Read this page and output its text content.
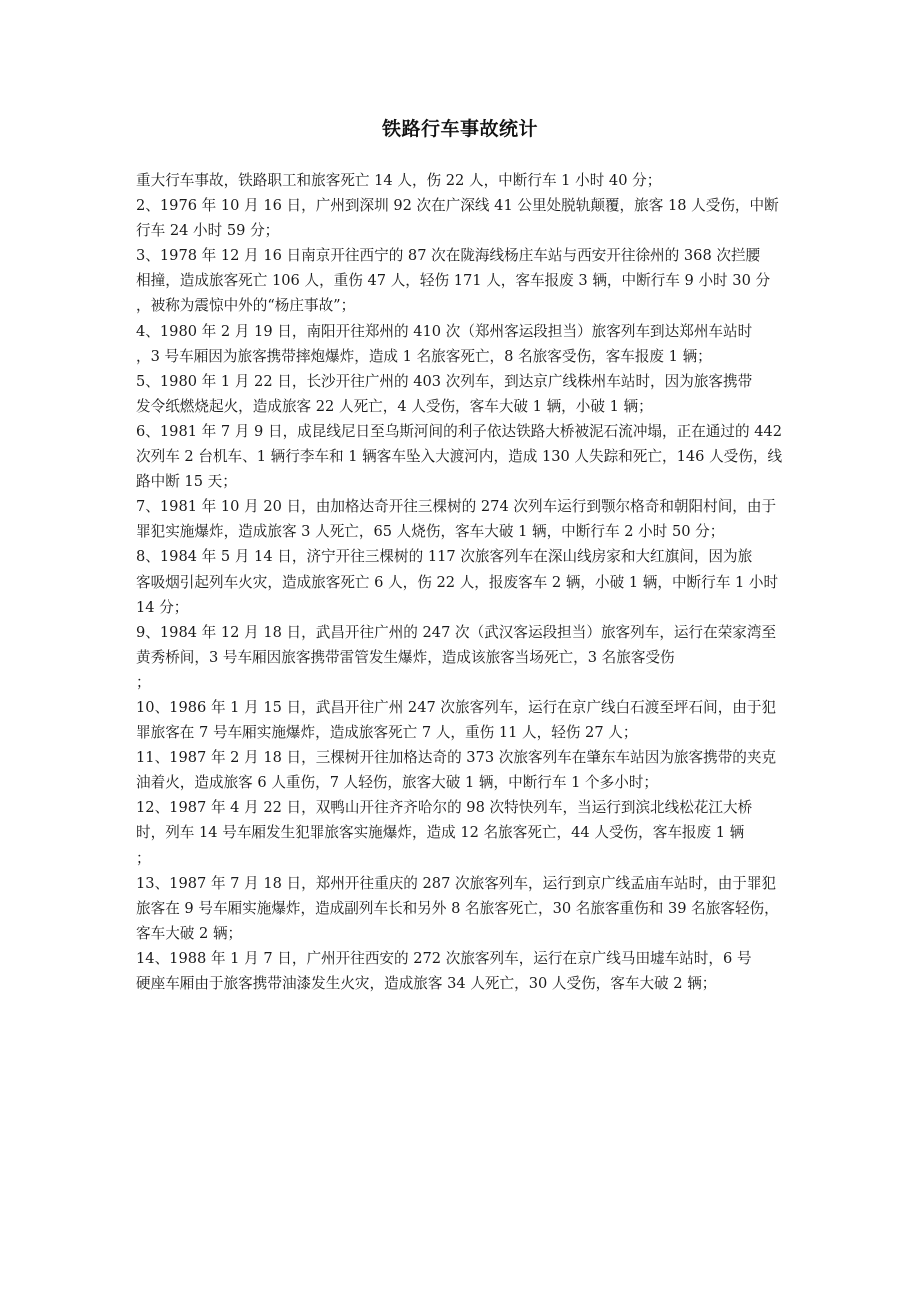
铁路行车事故统计

重大行车事故，铁路职工和旅客死亡 14 人，伤 22 人，中断行车 1 小时 40 分；

2、1976 年 10 月 16 日，广州到深圳 92 次在广深线 41 公里处脱轨颠覆，旅客 18 人受伤，中断

行车 24 小时 59 分；

3、1978 年 12 月 16 日南京开往西宁的 87 次在陇海线杨庄车站与西安开往徐州的 368 次拦腰

相撞，造成旅客死亡 106 人，重伤 47 人，轻伤 171 人，客车报废 3 辆，中断行车 9 小时 30 分

，被称为震惊中外的“杨庄事故”；

4、1980 年 2 月 19 日，南阳开往郑州的 410 次（郑州客运段担当）旅客列车到达郑州车站时

，3 号车厢因为旅客携带摔炮爆炸，造成 1 名旅客死亡，8 名旅客受伤，客车报废 1 辆；

5、1980 年 1 月 22 日，长沙开往广州的 403 次列车，到达京广线株州车站时，因为旅客携带

发令纸燃烧起火，造成旅客 22 人死亡，4 人受伤，客车大破 1 辆，小破 1 辆；

6、1981 年 7 月 9 日，成昆线尼日至乌斯河间的利子依达铁路大桥被泥石流冲塌，正在通过的 442 次列车 2 台机车、1 辆行李车和 1 辆客车坠入大渡河内，造成 130 人失踪和死亡，146 人受伤，线路中断 15 天；

7、1981 年 10 月 20 日，由加格达奇开往三棵树的 274 次列车运行到颚尔格奇和朝阳村间，由于罪犯实施爆炸，造成旅客 3 人死亡，65 人烧伤，客车大破 1 辆，中断行车 2 小时 50 分；

8、1984 年 5 月 14 日，济宁开往三棵树的 117 次旅客列车在深山线房家和大红旗间，因为旅

客吸烟引起列车火灾，造成旅客死亡 6 人，伤 22 人，报废客车 2 辆，小破 1 辆，中断行车 1 小时 14 分；

9、1984 年 12 月 18 日，武昌开往广州的 247 次（武汉客运段担当）旅客列车，运行在荣家湾至黄秀桥间，3 号车厢因旅客携带雷管发生爆炸，造成该旅客当场死亡，3 名旅客受伤

；

10、1986 年 1 月 15 日，武昌开往广州 247 次旅客列车，运行在京广线白石渡至坪石间，由于犯罪旅客在 7 号车厢实施爆炸，造成旅客死亡 7 人，重伤 11 人，轻伤 27 人；

11、1987 年 2 月 18 日，三棵树开往加格达奇的 373 次旅客列车在肇东车站因为旅客携带的夹克油着火，造成旅客 6 人重伤，7 人轻伤，旅客大破 1 辆，中断行车 1 个多小时；

12、1987 年 4 月 22 日，双鸭山开往齐齐哈尔的 98 次特快列车，当运行到滨北线松花江大桥

时，列车 14 号车厢发生犯罪旅客实施爆炸，造成 12 名旅客死亡，44 人受伤，客车报废 1 辆

；

13、1987 年 7 月 18 日，郑州开往重庆的 287 次旅客列车，运行到京广线孟庙车站时，由于罪犯旅客在 9 号车厢实施爆炸，造成副列车长和另外 8 名旅客死亡，30 名旅客重伤和 39 名旅客轻伤，客车大破 2 辆；

14、1988 年 1 月 7 日，广州开往西安的 272 次旅客列车，运行在京广线马田墟车站时，6 号

硬座车厢由于旅客携带油漆发生火灾，造成旅客 34 人死亡，30 人受伤，客车大破 2 辆；
